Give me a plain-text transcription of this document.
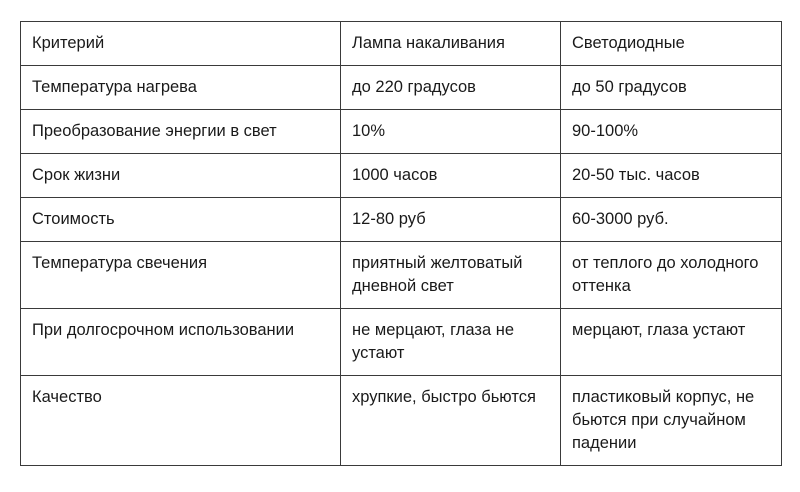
Критерий	Лампа накаливания	Светодиодные
Температура нагрева	до 220 градусов	до 50 градусов
Преобразование энергии в свет	10%	90-100%
Срок жизни	1000 часов	20-50 тыс. часов
Стоимость	12-80 руб	60-3000 руб.
Температура свечения	приятный желтоватый дневной свет	от теплого до холодного оттенка
При долгосрочном использовании	не мерцают, глаза не устают	мерцают, глаза устают
Качество	хрупкие, быстро бьются	пластиковый корпус, не бьются при случайном падении
